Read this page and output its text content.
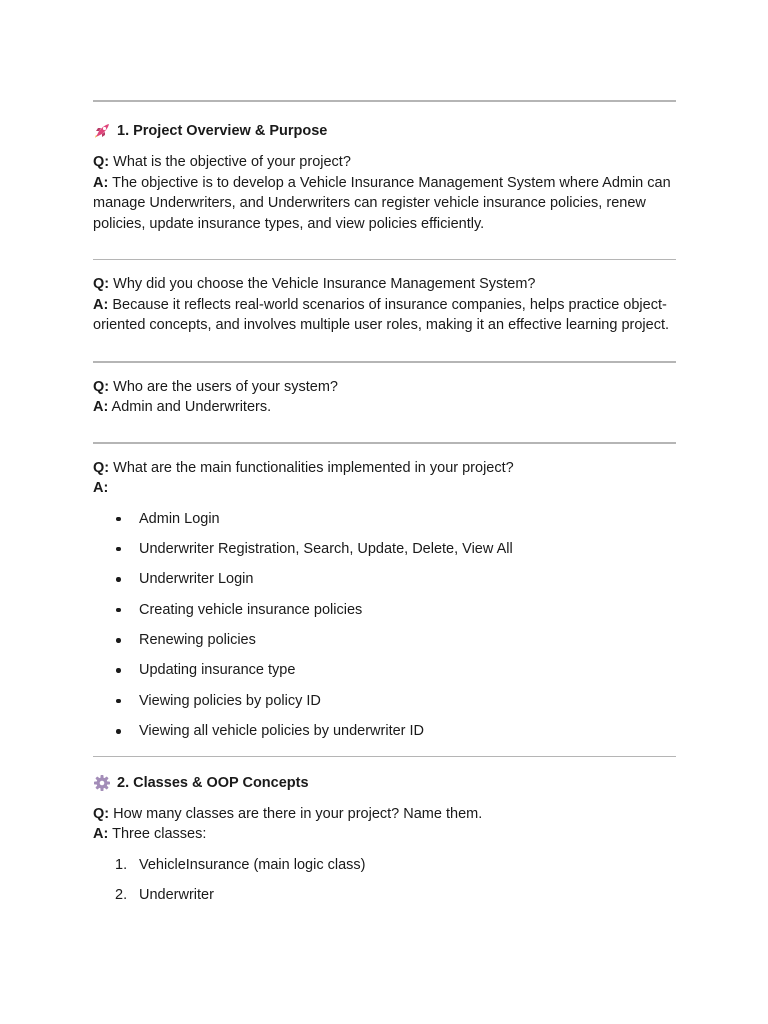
1. Project Overview & Purpose

Q: What is the objective of your project?

A: The objective is to develop a Vehicle Insurance Management System where Admin can manage Underwriters, and Underwriters can register vehicle insurance policies, renew policies, update insurance types, and view policies efficiently.

Q: Why did you choose the Vehicle Insurance Management System?

A: Because it reflects real-world scenarios of insurance companies, helps practice object-oriented concepts, and involves multiple user roles, making it an effective learning project.

Q: Who are the users of your system?

A: Admin and Underwriters.

Q: What are the main functionalities implemented in your project?

A:

Admin Login
Underwriter Registration, Search, Update, Delete, View All
Underwriter Login
Creating vehicle insurance policies
Renewing policies
Updating insurance type
Viewing policies by policy ID
Viewing all vehicle policies by underwriter ID
2. Classes & OOP Concepts

Q: How many classes are there in your project? Name them.

A: Three classes:

1. VehicleInsurance (main logic class)
2. Underwriter
